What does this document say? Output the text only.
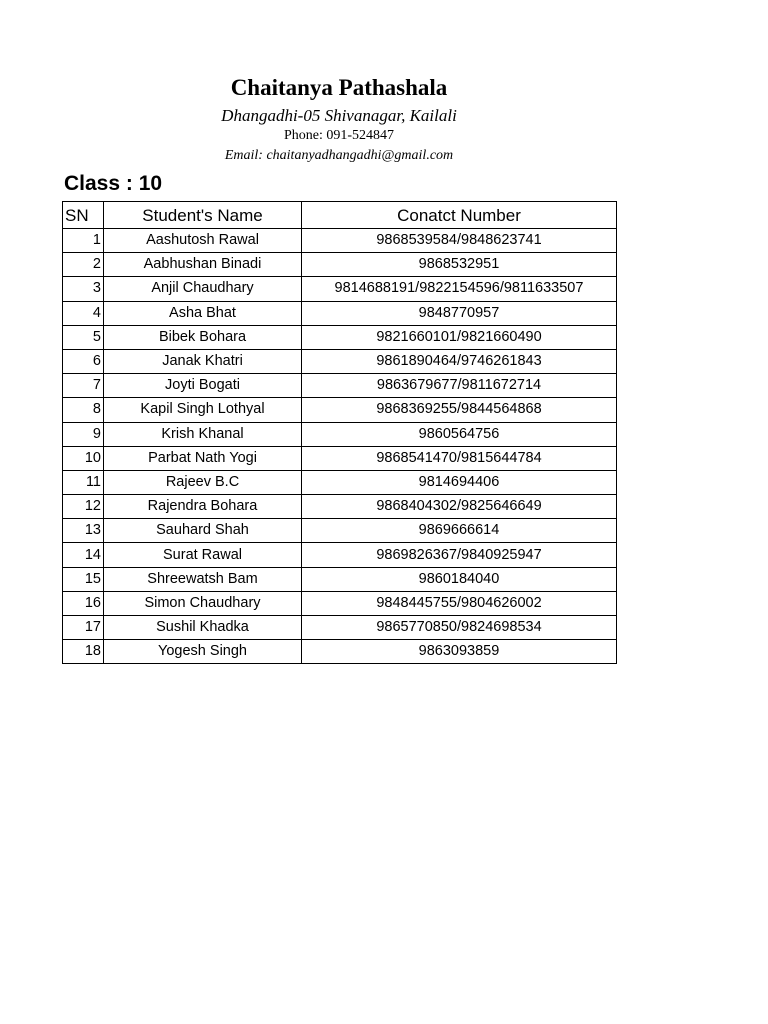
Chaitanya Pathashala
Dhangadhi-05 Shivanagar, Kailali
Phone: 091-524847
Email: chaitanyadhangadhi@gmail.com
Class : 10
SN	Student's Name	Conatct Number
1	Aashutosh Rawal	9868539584/9848623741
2	Aabhushan Binadi	9868532951
3	Anjil Chaudhary	9814688191/9822154596/9811633507
4	Asha Bhat	9848770957
5	Bibek Bohara	9821660101/9821660490
6	Janak Khatri	9861890464/9746261843
7	Joyti Bogati	9863679677/9811672714
8	Kapil Singh Lothyal	9868369255/9844564868
9	Krish Khanal	9860564756
10	Parbat Nath Yogi	9868541470/9815644784
11	Rajeev B.C	9814694406
12	Rajendra Bohara	9868404302/9825646649
13	Sauhard Shah	9869666614
14	Surat Rawal	9869826367/9840925947
15	Shreewatsh Bam	9860184040
16	Simon Chaudhary	9848445755/9804626002
17	Sushil Khadka	9865770850/9824698534
18	Yogesh Singh	9863093859
